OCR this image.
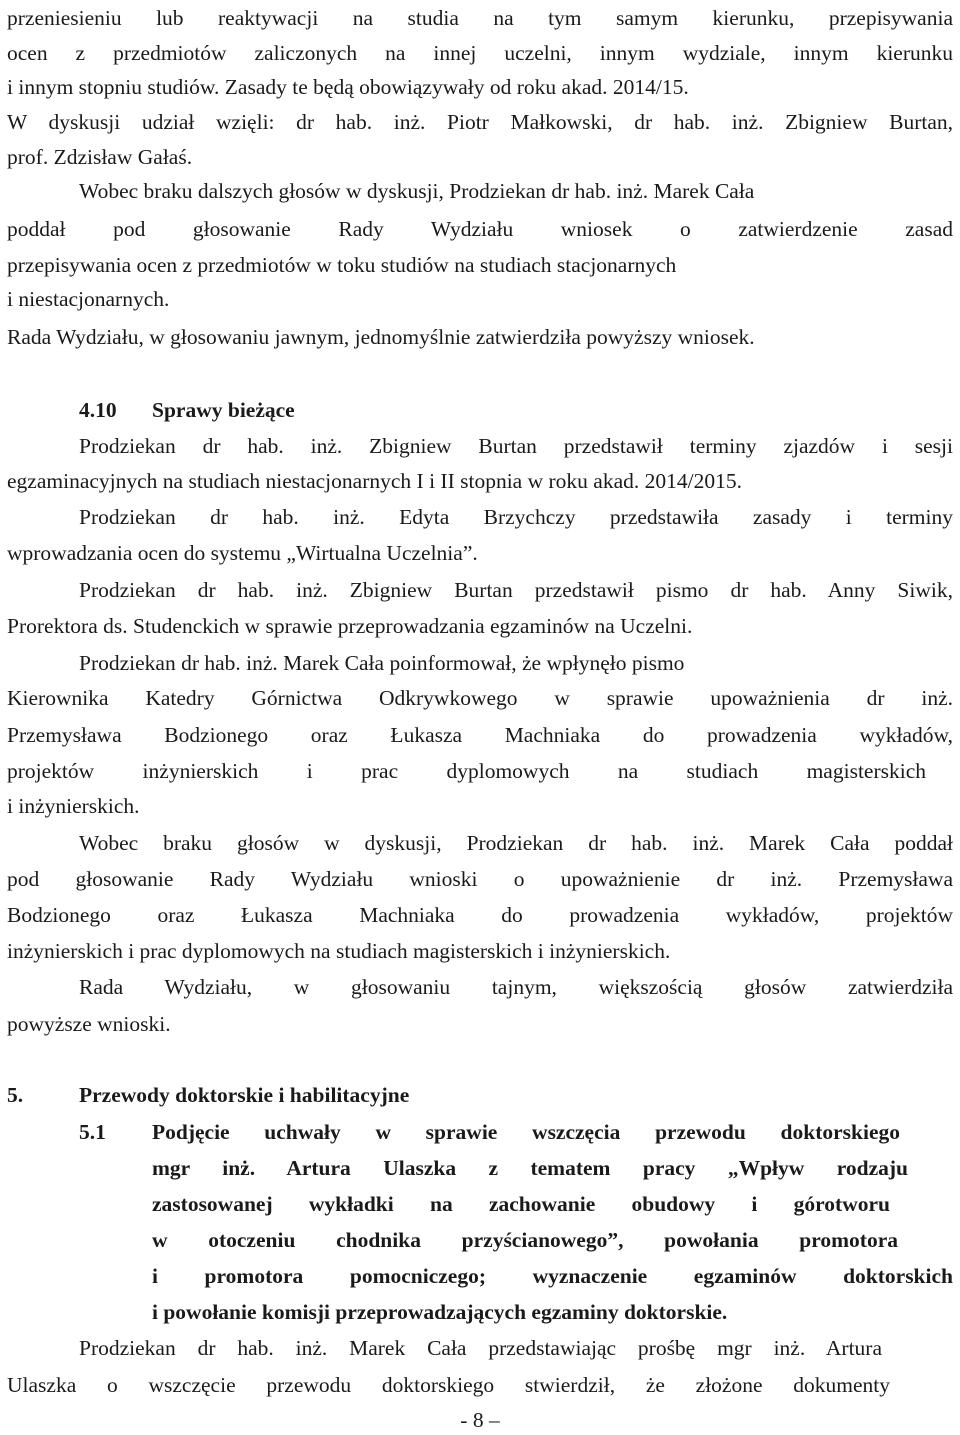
przeniesieniu lub reaktywacji na studia na tym samym kierunku, przepisywania
ocen z przedmiotów zaliczonych na innej uczelni, innym wydziale, innym kierunku
i innym stopniu studiów. Zasady te będą obowiązywały od roku akad. 2014/15.
W dyskusji udział wzięli: dr hab. inż. Piotr Małkowski, dr hab. inż. Zbigniew Burtan,
prof. Zdzisław Gałaś.
Wobec braku dalszych głosów w dyskusji, Prodziekan dr hab. inż. Marek Cała
poddał pod głosowanie Rady Wydziału wniosek o zatwierdzenie zasad
przepisywania ocen z przedmiotów w toku studiów na studiach stacjonarnych
i niestacjonarnych.
Rada Wydziału, w głosowaniu jawnym, jednomyślnie zatwierdziła powyższy wniosek.
4.10	Sprawy bieżące
Prodziekan dr hab. inż. Zbigniew Burtan przedstawił terminy zjazdów i sesji
egzaminacyjnych na studiach niestacjonarnych I i II stopnia w roku akad. 2014/2015.
Prodziekan dr hab. inż. Edyta Brzychczy przedstawiła zasady i terminy
wprowadzania ocen do systemu „Wirtualna Uczelnia”.
Prodziekan dr hab. inż. Zbigniew Burtan przedstawił pismo dr hab. Anny Siwik,
Prorektora ds. Studenckich w sprawie przeprowadzania egzaminów na Uczelni.
Prodziekan dr hab. inż. Marek Cała poinformował, że wpłynęło pismo
Kierownika Katedry Górnictwa Odkrywkowego w sprawie upoważnienia dr inż.
Przemysława Bodzionego oraz Łukasza Machniaka do prowadzenia wykładów,
projektów inżynierskich i prac dyplomowych na studiach magisterskich
i inżynierskich.
Wobec braku głosów w dyskusji, Prodziekan dr hab. inż. Marek Cała poddał
pod głosowanie Rady Wydziału wnioski o upoważnienie dr inż. Przemysława
Bodzionego oraz Łukasza Machniaka do prowadzenia wykładów, projektów
inżynierskich i prac dyplomowych na studiach magisterskich i inżynierskich.
Rada Wydziału, w głosowaniu tajnym, większością głosów zatwierdziła
powyższe wnioski.
5.	Przewody doktorskie i habilitacyjne
5.1	Podjęcie uchwały w sprawie wszczęcia przewodu doktorskiego
mgr inż. Artura Ulaszka z tematem pracy „Wpływ rodzaju
zastosowanej wykładki na zachowanie obudowy i górotworu
w otoczeniu chodnika przyścianowego”, powołania promotora
i promotora pomocniczego; wyznaczenie egzaminów doktorskich
i powołanie komisji przeprowadzających egzaminy doktorskie.
Prodziekan dr hab. inż. Marek Cała przedstawiając prośbę mgr inż. Artura
Ulaszka o wszczęcie przewodu doktorskiego stwierdził, że złożone dokumenty
- 8 –
